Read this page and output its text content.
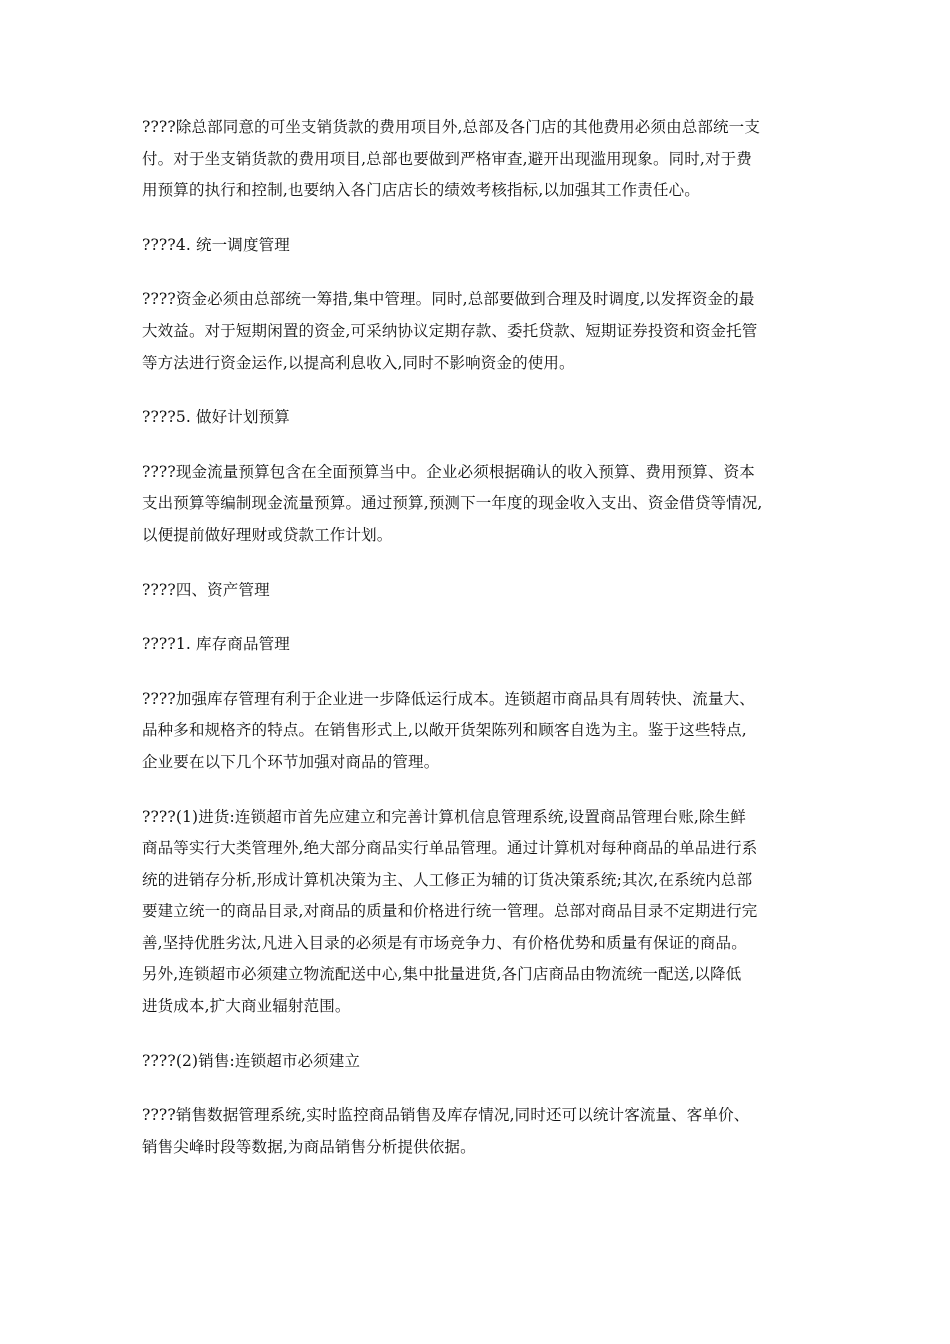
????除总部同意的可坐支销货款的费用项目外,总部及各门店的其他费用必须由总部统一支
付。对于坐支销货款的费用项目,总部也要做到严格审查,避开出现滥用现象。同时,对于费
用预算的执行和控制,也要纳入各门店店长的绩效考核指标,以加强其工作责任心。

????4. 统一调度管理

????资金必须由总部统一筹措,集中管理。同时,总部要做到合理及时调度,以发挥资金的最
大效益。对于短期闲置的资金,可采纳协议定期存款、委托贷款、短期证券投资和资金托管
等方法进行资金运作,以提高利息收入,同时不影响资金的使用。

????5. 做好计划预算

????现金流量预算包含在全面预算当中。企业必须根据确认的收入预算、费用预算、资本
支出预算等编制现金流量预算。通过预算,预测下一年度的现金收入支出、资金借贷等情况,
以便提前做好理财或贷款工作计划。

????四、资产管理

????1. 库存商品管理

????加强库存管理有利于企业进一步降低运行成本。连锁超市商品具有周转快、流量大、
品种多和规格齐的特点。在销售形式上,以敞开货架陈列和顾客自选为主。鉴于这些特点,
企业要在以下几个环节加强对商品的管理。

????(1)进货:连锁超市首先应建立和完善计算机信息管理系统,设置商品管理台账,除生鲜
商品等实行大类管理外,绝大部分商品实行单品管理。通过计算机对每种商品的单品进行系
统的进销存分析,形成计算机决策为主、人工修正为辅的订货决策系统;其次,在系统内总部
要建立统一的商品目录,对商品的质量和价格进行统一管理。总部对商品目录不定期进行完
善,坚持优胜劣汰,凡进入目录的必须是有市场竞争力、有价格优势和质量有保证的商品。
另外,连锁超市必须建立物流配送中心,集中批量进货,各门店商品由物流统一配送,以降低
进货成本,扩大商业辐射范围。

????(2)销售:连锁超市必须建立

????销售数据管理系统,实时监控商品销售及库存情况,同时还可以统计客流量、客单价、
销售尖峰时段等数据,为商品销售分析提供依据。
